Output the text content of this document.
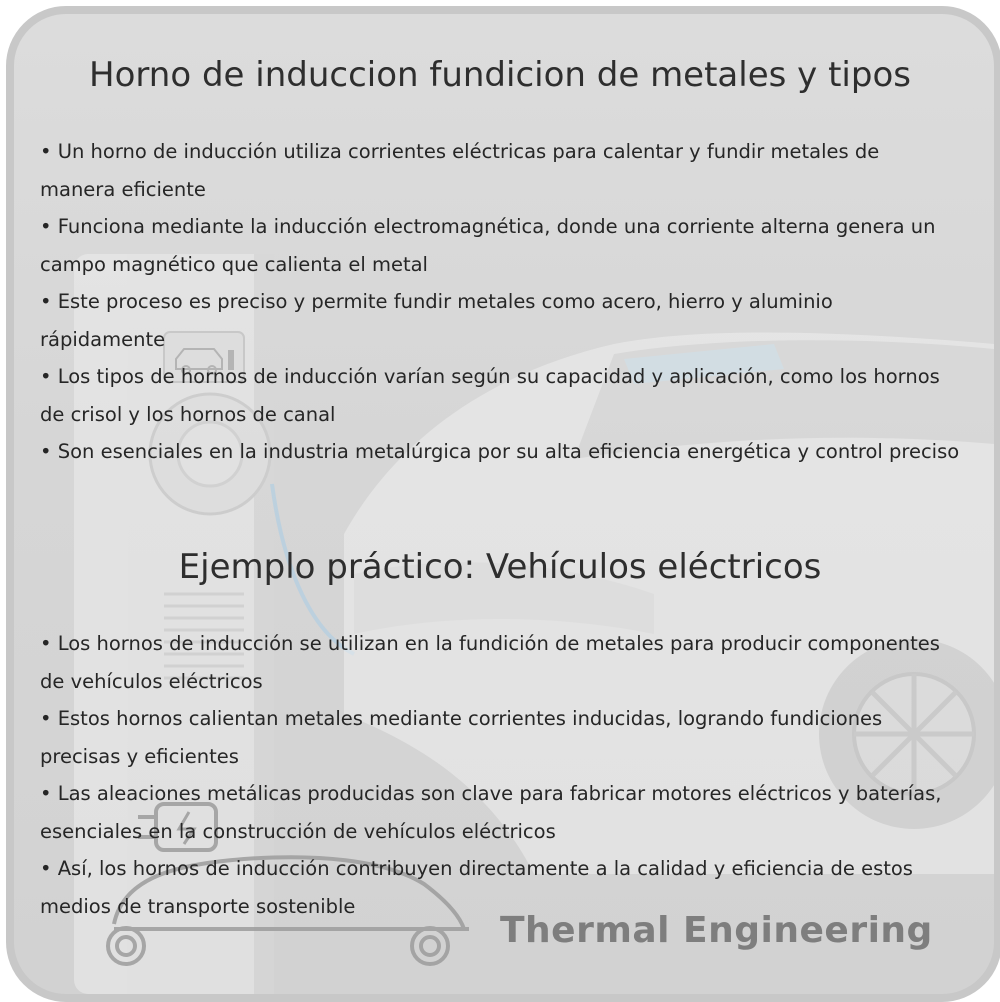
Horno de induccion fundicion de metales y tipos
• Un horno de inducción utiliza corrientes eléctricas para calentar y fundir metales de manera eficiente
• Funciona mediante la inducción electromagnética, donde una corriente alterna genera un campo magnético que calienta el metal
• Este proceso es preciso y permite fundir metales como acero, hierro y aluminio rápidamente
• Los tipos de hornos de inducción varían según su capacidad y aplicación, como los hornos de crisol y los hornos de canal
• Son esenciales en la industria metalúrgica por su alta eficiencia energética y control preciso
Ejemplo práctico: Vehículos eléctricos
• Los hornos de inducción se utilizan en la fundición de metales para producir componentes de vehículos eléctricos
• Estos hornos calientan metales mediante corrientes inducidas, logrando fundiciones precisas y eficientes
• Las aleaciones metálicas producidas son clave para fabricar motores eléctricos y baterías, esenciales en la construcción de vehículos eléctricos
• Así, los hornos de inducción contribuyen directamente a la calidad y eficiencia de estos medios de transporte sostenible
Thermal Engineering
